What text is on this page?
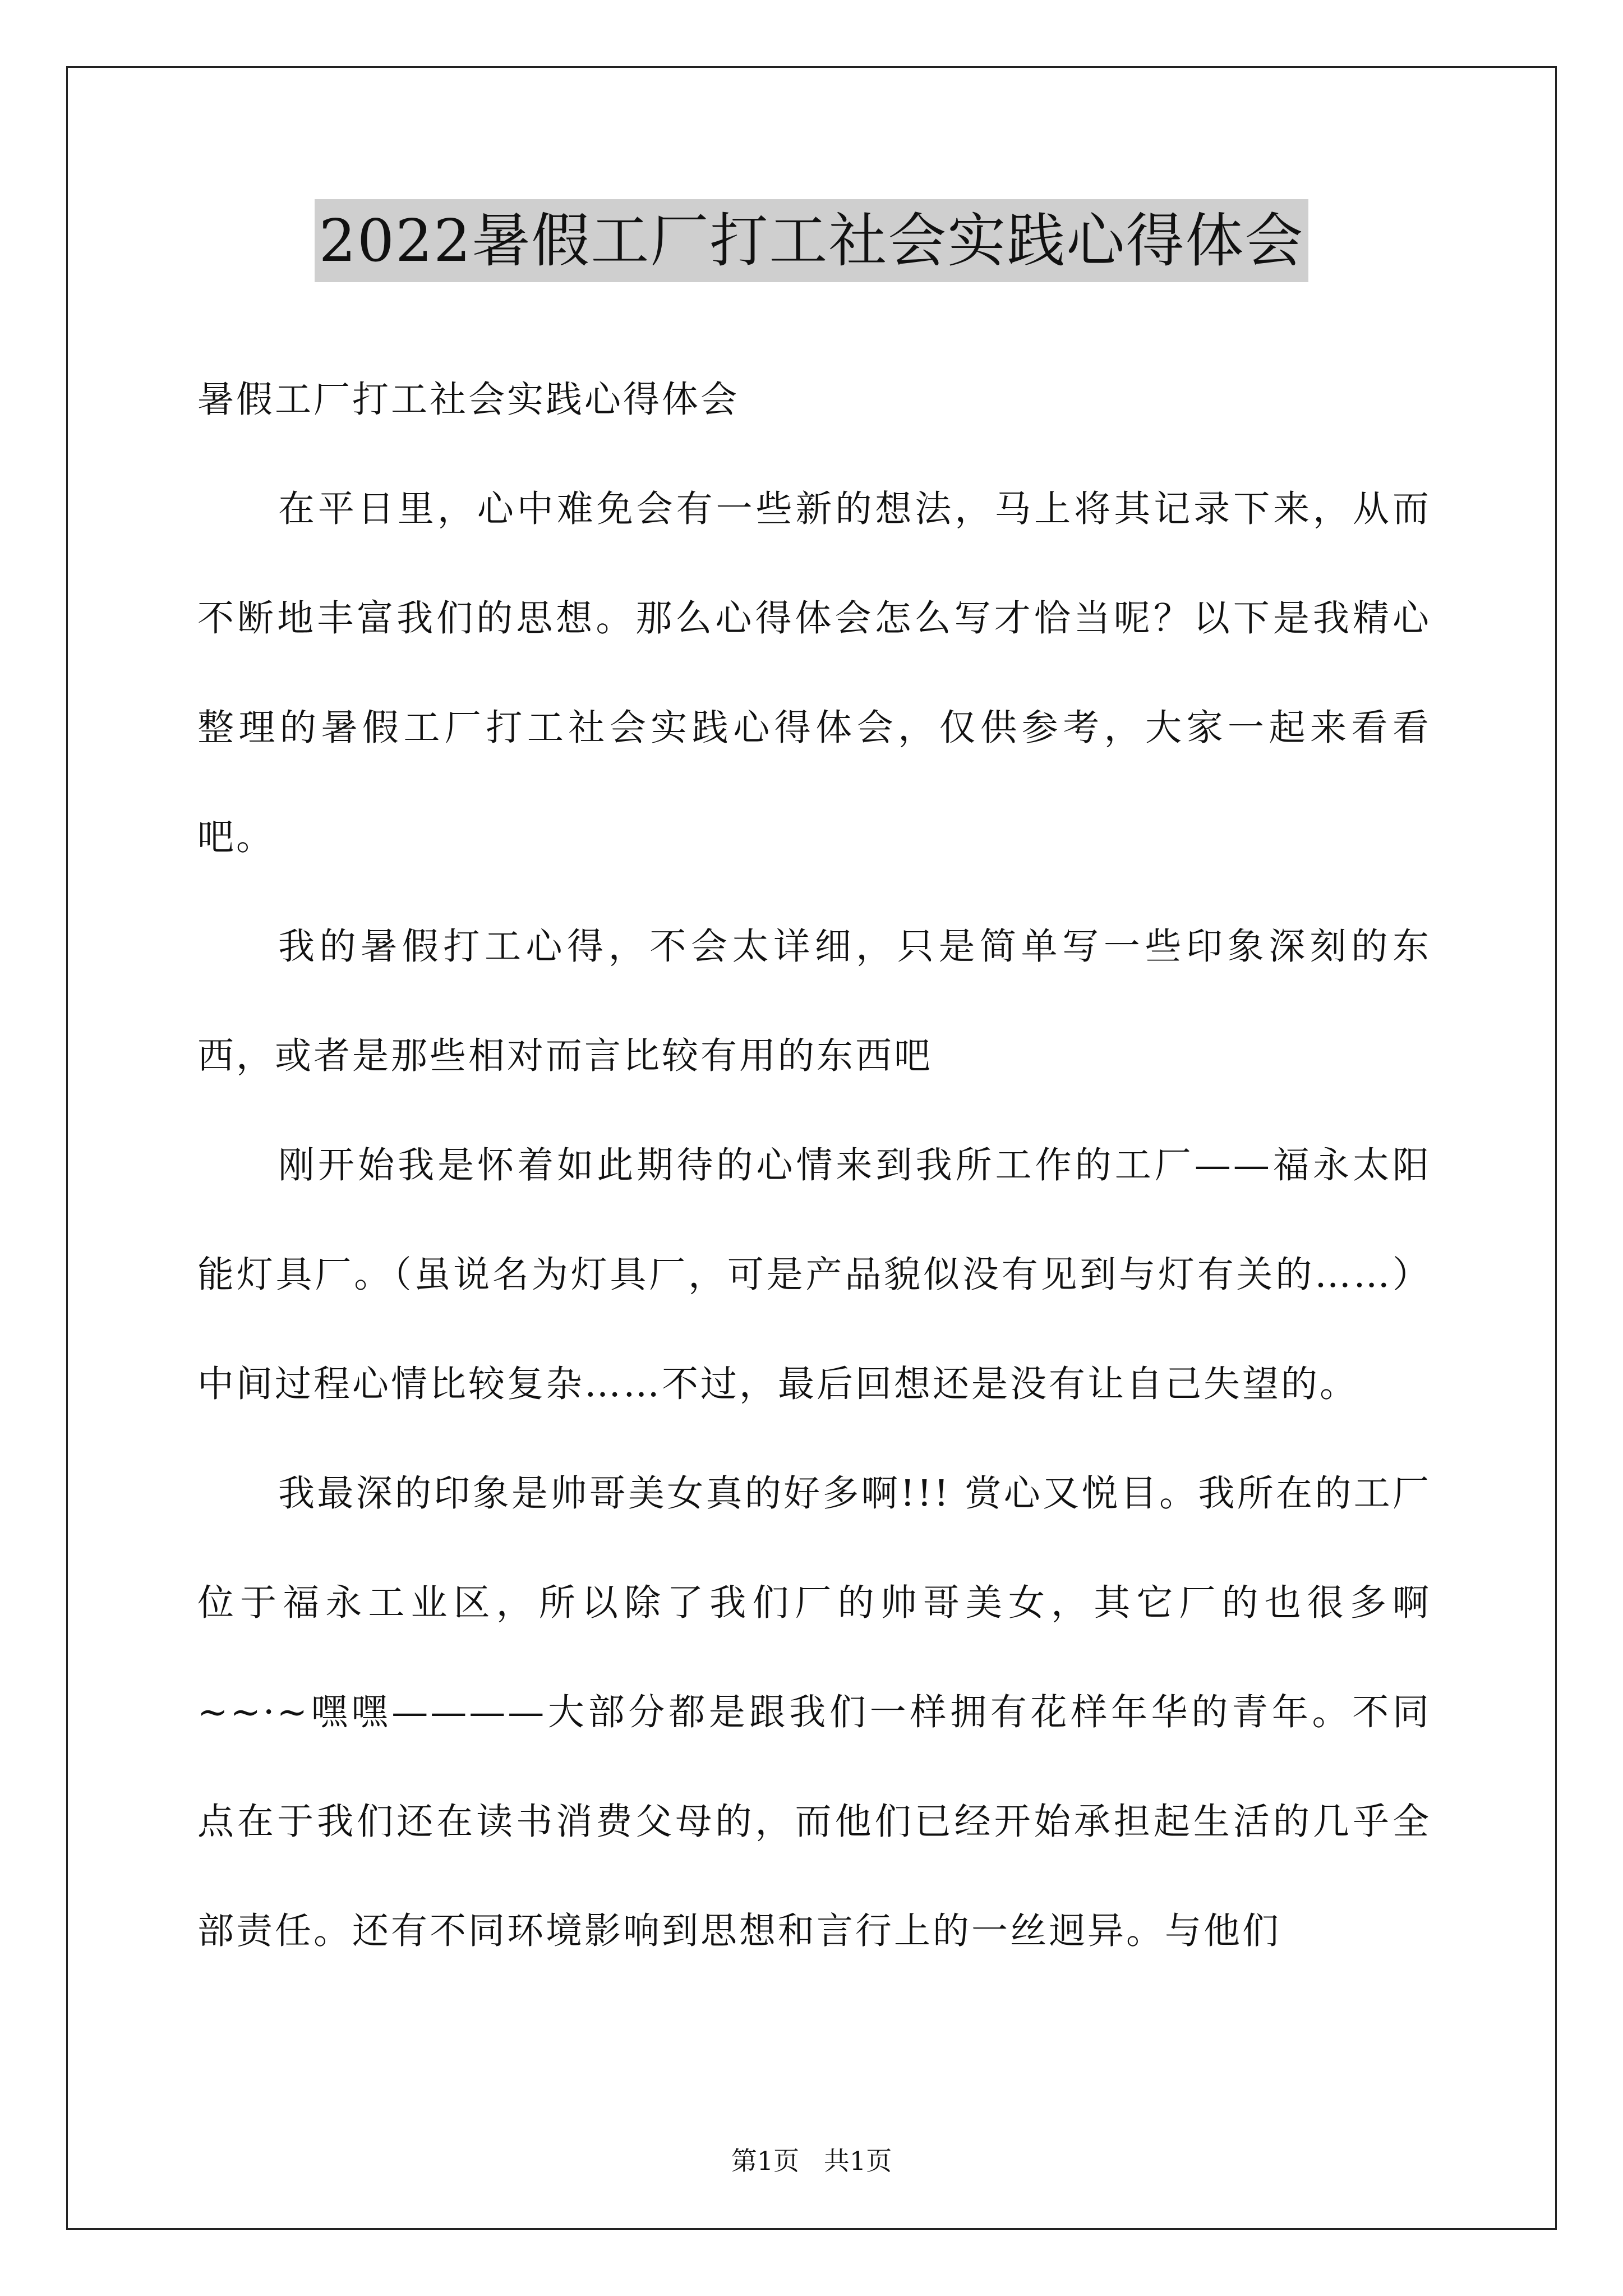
2022暑假工厂打工社会实践心得体会

暑假工厂打工社会实践心得体会

在平日里，心中难免会有一些新的想法，马上将其记录下来，从而不断地丰富我们的思想。那么心得体会怎么写才恰当呢？以下是我精心整理的暑假工厂打工社会实践心得体会，仅供参考，大家一起来看看吧。

我的暑假打工心得，不会太详细，只是简单写一些印象深刻的东西，或者是那些相对而言比较有用的东西吧

刚开始我是怀着如此期待的心情来到我所工作的工厂——福永太阳能灯具厂。（虽说名为灯具厂，可是产品貌似没有见到与灯有关的……）中间过程心情比较复杂……不过，最后回想还是没有让自己失望的。

我最深的印象是帅哥美女真的好多啊!!! 赏心又悦目。我所在的工厂位于福永工业区，所以除了我们厂的帅哥美女，其它厂的也很多啊~~·~嘿嘿————大部分都是跟我们一样拥有花样年华的青年。不同点在于我们还在读书消费父母的，而他们已经开始承担起生活的几乎全部责任。还有不同环境影响到思想和言行上的一丝迥异。与他们

第1页   共1页
